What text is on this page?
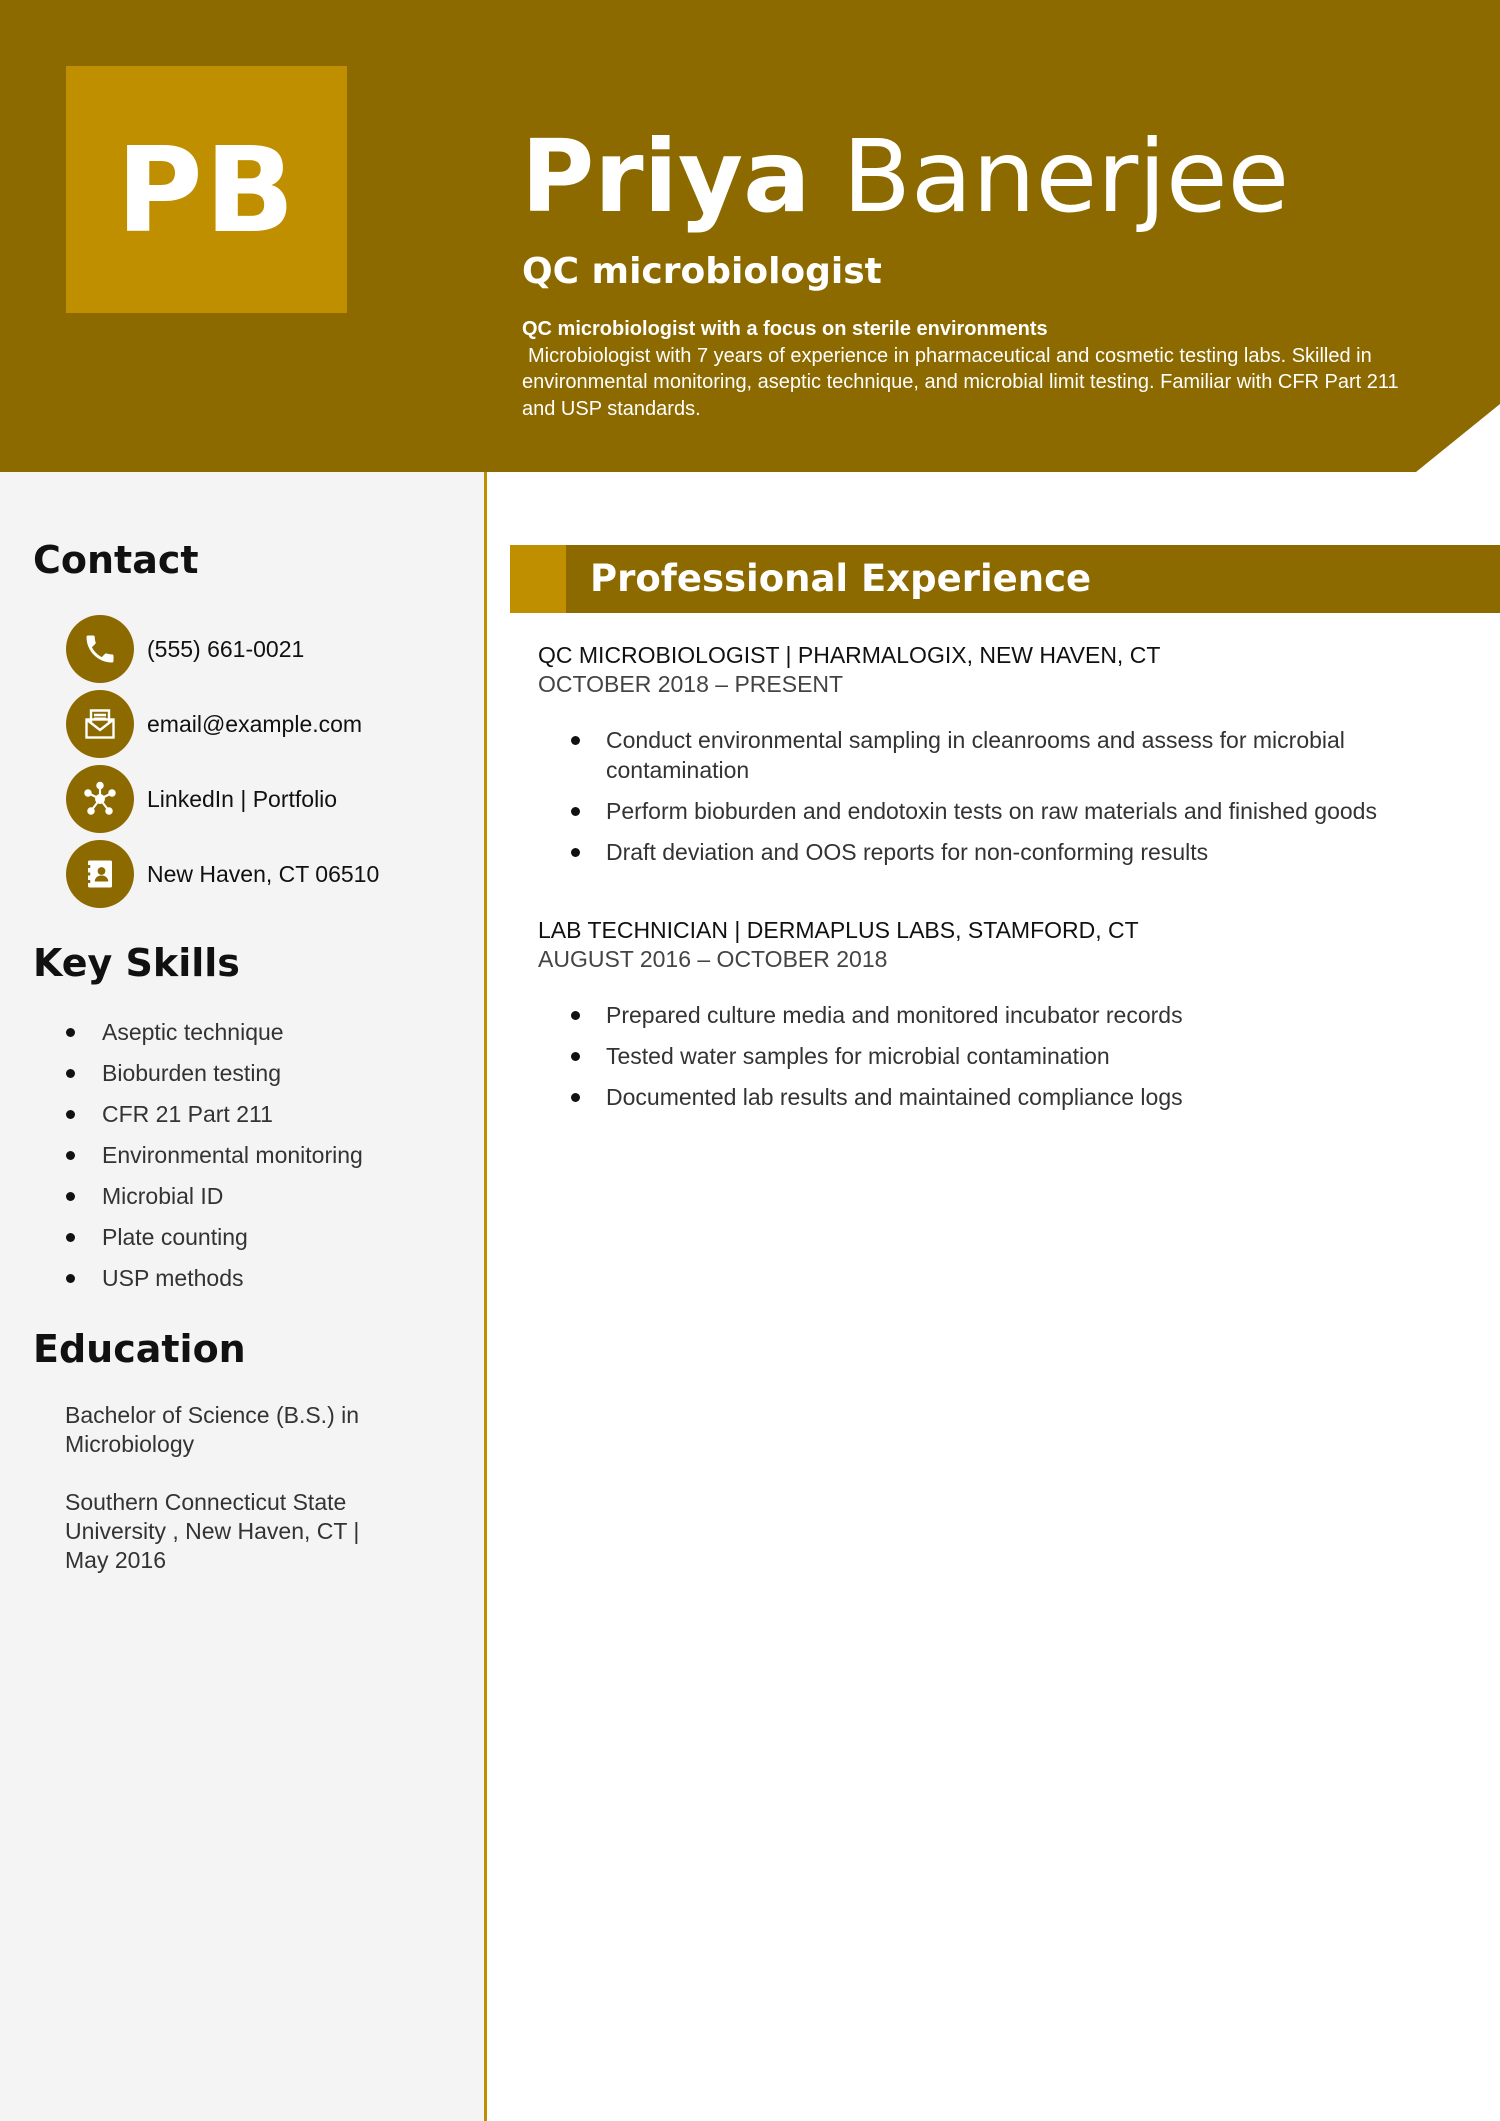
PB	Priya Banerjee
QC microbiologist
QC microbiologist with a focus on sterile environments
Microbiologist with 7 years of experience in pharmaceutical and cosmetic testing labs. Skilled in environmental monitoring, aseptic technique, and microbial limit testing. Familiar with CFR Part 211 and USP standards.
Contact
(555) 661-0021
email@example.com
LinkedIn | Portfolio
New Haven, CT 06510
Key Skills
Aseptic technique
Bioburden testing
CFR 21 Part 211
Environmental monitoring
Microbial ID
Plate counting
USP methods
Education
Bachelor of Science (B.S.) in Microbiology
Southern Connecticut State University , New Haven, CT | May 2016
Professional Experience
QC MICROBIOLOGIST | PHARMALOGIX, NEW HAVEN, CT
OCTOBER 2018 – PRESENT
Conduct environmental sampling in cleanrooms and assess for microbial contamination
Perform bioburden and endotoxin tests on raw materials and finished goods
Draft deviation and OOS reports for non-conforming results
LAB TECHNICIAN | DERMAPLUS LABS, STAMFORD, CT
AUGUST 2016 – OCTOBER 2018
Prepared culture media and monitored incubator records
Tested water samples for microbial contamination
Documented lab results and maintained compliance logs
